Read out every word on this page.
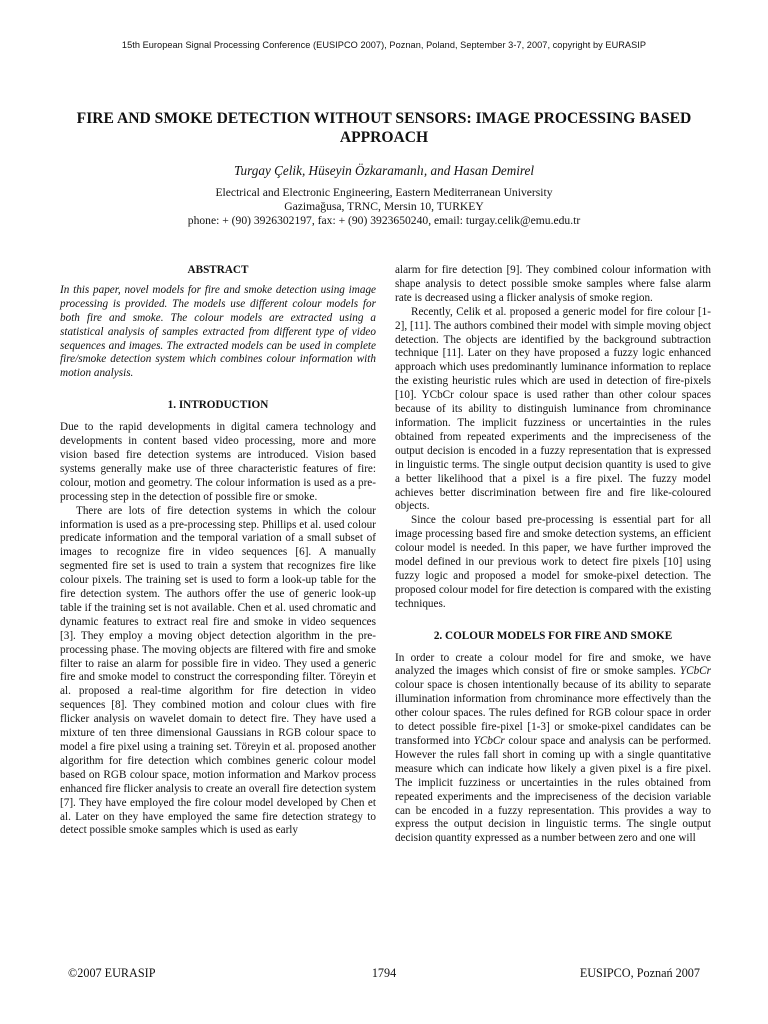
15th European Signal Processing Conference (EUSIPCO 2007), Poznan, Poland, September 3-7, 2007, copyright by EURASIP
FIRE AND SMOKE DETECTION WITHOUT SENSORS: IMAGE PROCESSING BASED APPROACH
Turgay Çelik, Hüseyin Özkaramanlı, and Hasan Demirel
Electrical and Electronic Engineering, Eastern Mediterranean University
Gazimağusa, TRNC, Mersin 10, TURKEY
phone: + (90) 3926302197, fax: + (90) 3923650240, email: turgay.celik@emu.edu.tr
ABSTRACT

In this paper, novel models for fire and smoke detection using image processing is provided. The models use different colour models for both fire and smoke. The colour models are extracted using a statistical analysis of samples extracted from different type of video sequences and images. The extracted models can be used in complete fire/smoke detection system which combines colour information with motion analysis.

1. INTRODUCTION

Due to the rapid developments in digital camera technology and developments in content based video processing, more and more vision based fire detection systems are introduced. Vision based systems generally make use of three characteristic features of fire: colour, motion and geometry. The colour information is used as a pre-processing step in the detection of possible fire or smoke.

There are lots of fire detection systems in which the colour information is used as a pre-processing step. Phillips et al. used colour predicate information and the temporal variation of a small subset of images to recognize fire in video sequences [6]. A manually segmented fire set is used to train a system that recognizes fire like colour pixels. The training set is used to form a look-up table for the fire detection system. The authors offer the use of generic look-up table if the training set is not available. Chen et al. used chromatic and dynamic features to extract real fire and smoke in video sequences [3]. They employ a moving object detection algorithm in the pre-processing phase. The moving objects are filtered with fire and smoke filter to raise an alarm for possible fire in video. They used a generic fire and smoke model to construct the corresponding filter. Töreyin et al. proposed a real-time algorithm for fire detection in video sequences [8]. They combined motion and colour clues with fire flicker analysis on wavelet domain to detect fire. They have used a mixture of ten three dimensional Gaussians in RGB colour space to model a fire pixel using a training set. Töreyin et al. proposed another algorithm for fire detection which combines generic colour model based on RGB colour space, motion information and Markov process enhanced fire flicker analysis to create an overall fire detection system [7]. They have employed the fire colour model developed by Chen et al. Later on they have employed the same fire detection strategy to detect possible smoke samples which is used as early

alarm for fire detection [9]. They combined colour information with shape analysis to detect possible smoke samples where false alarm rate is decreased using a flicker analysis of smoke region.

Recently, Celik et al. proposed a generic model for fire colour [1-2], [11]. The authors combined their model with simple moving object detection. The objects are identified by the background subtraction technique [11]. Later on they have proposed a fuzzy logic enhanced approach which uses predominantly luminance information to replace the existing heuristic rules which are used in detection of fire-pixels [10]. YCbCr colour space is used rather than other colour spaces because of its ability to distinguish luminance from chrominance information. The implicit fuzziness or uncertainties in the rules obtained from repeated experiments and the impreciseness of the output decision is encoded in a fuzzy representation that is expressed in linguistic terms. The single output decision quantity is used to give a better likelihood that a pixel is a fire pixel. The fuzzy model achieves better discrimination between fire and fire like-coloured objects.

Since the colour based pre-processing is essential part for all image processing based fire and smoke detection systems, an efficient colour model is needed. In this paper, we have further improved the model defined in our previous work to detect fire pixels [10] using fuzzy logic and proposed a model for smoke-pixel detection. The proposed colour model for fire detection is compared with the existing techniques.

2. COLOUR MODELS FOR FIRE AND SMOKE

In order to create a colour model for fire and smoke, we have analyzed the images which consist of fire or smoke samples. YCbCr colour space is chosen intentionally because of its ability to separate illumination information from chrominance more effectively than the other colour spaces. The rules defined for RGB colour space in order to detect possible fire-pixel [1-3] or smoke-pixel candidates can be transformed into YCbCr colour space and analysis can be performed. However the rules fall short in coming up with a single quantitative measure which can indicate how likely a given pixel is a fire pixel. The implicit fuzziness or uncertainties in the rules obtained from repeated experiments and the impreciseness of the decision variable can be encoded in a fuzzy representation. This provides a way to express the output decision in linguistic terms. The single output decision quantity expressed as a number between zero and one will

©2007 EURASIP	1794	EUSIPCO, Poznań 2007
